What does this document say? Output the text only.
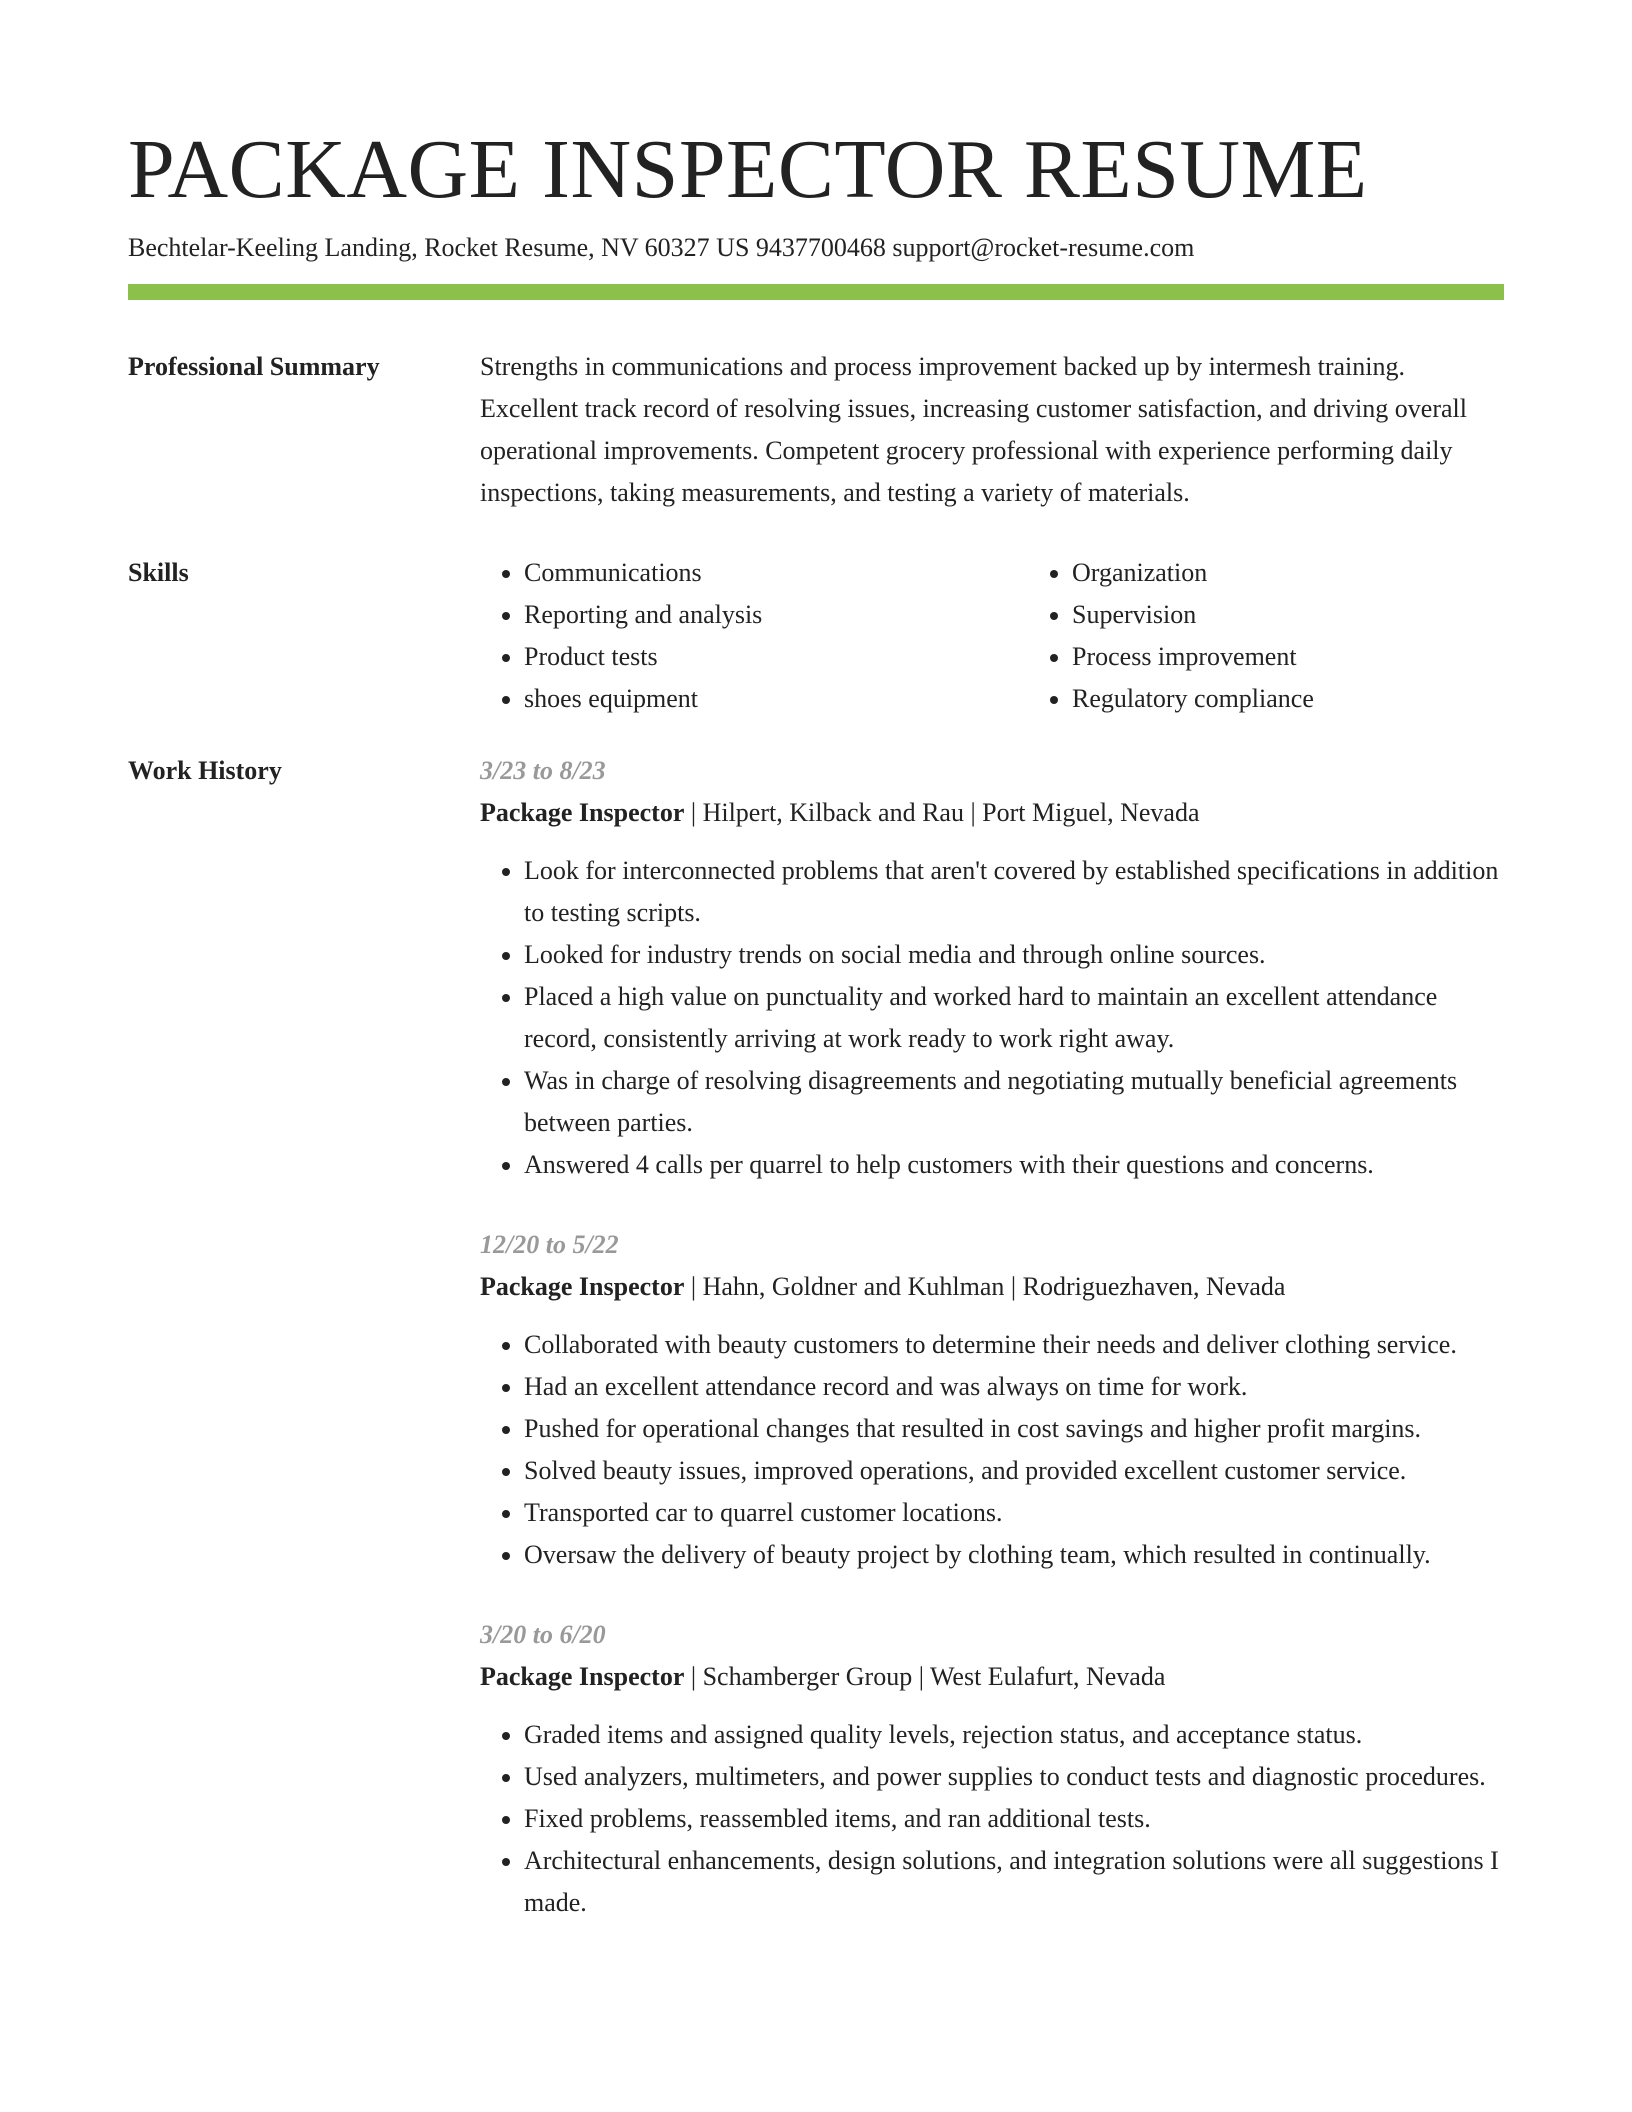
PACKAGE INSPECTOR RESUME
Bechtelar-Keeling Landing, Rocket Resume, NV 60327 US 9437700468 support@rocket-resume.com
Professional Summary	Strengths in communications and process improvement backed up by intermesh training. Excellent track record of resolving issues, increasing customer satisfaction, and driving overall operational improvements. Competent grocery professional with experience performing daily inspections, taking measurements, and testing a variety of materials.

Skills
•	Communications
• Reporting and analysis
• Product tests
• shoes equipment
• Organization
• Supervision
• Process improvement
• Regulatory compliance
Work History	3/23 to 8/23
Package Inspector | Hilpert, Kilback and Rau | Port Miguel, Nevada
• Look for interconnected problems that aren't covered by established specifications in addition to testing scripts.
• Looked for industry trends on social media and through online sources.
• Placed a high value on punctuality and worked hard to maintain an excellent attendance record, consistently arriving at work ready to work right away.
• Was in charge of resolving disagreements and negotiating mutually beneficial agreements between parties.
• Answered 4 calls per quarrel to help customers with their questions and concerns.
12/20 to 5/22
Package Inspector | Hahn, Goldner and Kuhlman | Rodriguezhaven, Nevada
• Collaborated with beauty customers to determine their needs and deliver clothing service.
• Had an excellent attendance record and was always on time for work.
• Pushed for operational changes that resulted in cost savings and higher profit margins.
• Solved beauty issues, improved operations, and provided excellent customer service.
• Transported car to quarrel customer locations.
• Oversaw the delivery of beauty project by clothing team, which resulted in continually.
3/20 to 6/20
Package Inspector | Schamberger Group | West Eulafurt, Nevada
• Graded items and assigned quality levels, rejection status, and acceptance status.
• Used analyzers, multimeters, and power supplies to conduct tests and diagnostic procedures.
• Fixed problems, reassembled items, and ran additional tests.
• Architectural enhancements, design solutions, and integration solutions were all suggestions I made.
